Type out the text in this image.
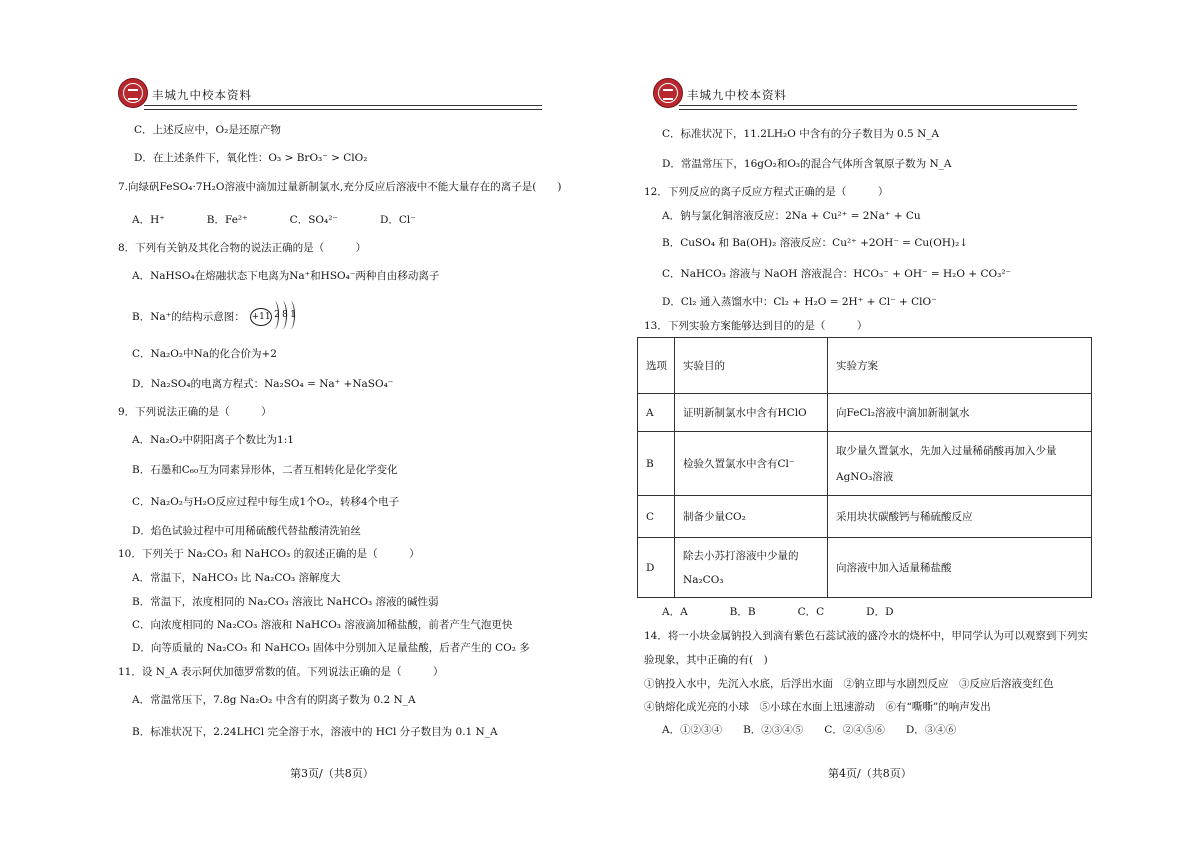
丰城九中校本资料
C．上述反应中，O₂是还原产物
D．在上述条件下，氧化性：O₃ > BrO₃⁻ > ClO₂
7.向绿矾FeSO₄·7H₂O溶液中滴加过量新制氯水,充分反应后溶液中不能大量存在的离子是(　　)
A．H⁺　　　　B．Fe²⁺　　　　C．SO₄²⁻　　　　D．Cl⁻
8．下列有关钠及其化合物的说法正确的是（　　　）
A．NaHSO₄在熔融状态下电离为Na⁺和HSO₄⁻两种自由移动离子
B．Na⁺的结构示意图： +11 2 8 1
C．Na₂O₂中Na的化合价为+2
D．Na₂SO₄的电离方程式：Na₂SO₄ = Na⁺ +NaSO₄⁻
9．下列说法正确的是（　　　）
A．Na₂O₂中阴阳离子个数比为1:1
B．石墨和C₆₀互为同素异形体，二者互相转化是化学变化
C．Na₂O₂与H₂O反应过程中每生成1个O₂，转移4个电子
D．焰色试验过程中可用稀硫酸代替盐酸清洗铂丝
10．下列关于 Na₂CO₃ 和 NaHCO₃ 的叙述正确的是（　　　）
A．常温下，NaHCO₃ 比 Na₂CO₃ 溶解度大
B．常温下，浓度相同的 Na₂CO₃ 溶液比 NaHCO₃ 溶液的碱性弱
C．向浓度相同的 Na₂CO₃ 溶液和 NaHCO₃ 溶液滴加稀盐酸，前者产生气泡更快
D．向等质量的 Na₂CO₃ 和 NaHCO₃ 固体中分别加入足量盐酸，后者产生的 CO₂ 多
11．设 N_A 表示阿伏加德罗常数的值。下列说法正确的是（　　　）
A．常温常压下，7.8g Na₂O₂ 中含有的阴离子数为 0.2 N_A
B．标准状况下，2.24LHCl 完全溶于水，溶液中的 HCl 分子数目为 0.1 N_A
第3页/（共8页）
丰城九中校本资料
C．标准状况下，11.2LH₂O 中含有的分子数目为 0.5 N_A
D．常温常压下，16gO₂和O₃的混合气体所含氧原子数为 N_A
12．下列反应的离子反应方程式正确的是（　　　）
A．钠与氯化铜溶液反应：2Na + Cu²⁺ = 2Na⁺ + Cu
B．CuSO₄ 和 Ba(OH)₂ 溶液反应：Cu²⁺ +2OH⁻ = Cu(OH)₂↓
C．NaHCO₃ 溶液与 NaOH 溶液混合：HCO₃⁻ + OH⁻ = H₂O + CO₃²⁻
D．Cl₂ 通入蒸馏水中：Cl₂ + H₂O = 2H⁺ + Cl⁻ + ClO⁻
13．下列实验方案能够达到目的的是（　　　）
选项	实验目的	实验方案
A	证明新制氯水中含有HClO	向FeCl₂溶液中滴加新制氯水
B	检验久置氯水中含有Cl⁻	取少量久置氯水，先加入过量稀硝酸再加入少量AgNO₃溶液
C	制备少量CO₂	采用块状碳酸钙与稀硫酸反应
D	除去小苏打溶液中少量的Na₂CO₃	向溶液中加入适量稀盐酸
A．A　　　　B．B　　　　C．C　　　　D．D
14．将一小块金属钠投入到滴有紫色石蕊试液的盛冷水的烧杯中，甲同学认为可以观察到下列实
验现象，其中正确的有(　)
①钠投入水中，先沉入水底，后浮出水面　②钠立即与水剧烈反应　③反应后溶液变红色
④钠熔化成光亮的小球　⑤小球在水面上迅速游动　⑥有“嘶嘶”的响声发出
A．①②③④　　B．②③④⑤　　C．②④⑤⑥　　D．③④⑥
第4页/（共8页）
